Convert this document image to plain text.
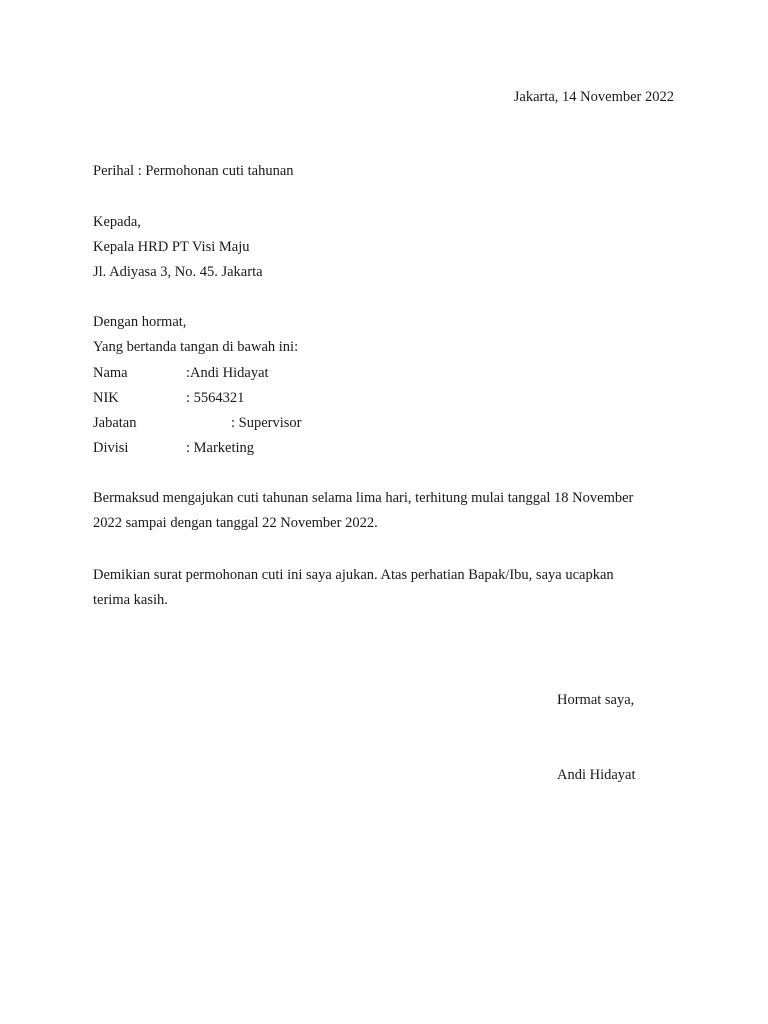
Jakarta, 14 November 2022
Perihal : Permohonan cuti tahunan
Kepada,
Kepala HRD PT Visi Maju
Jl. Adiyasa 3, No. 45. Jakarta
Dengan hormat,
Yang bertanda tangan di bawah ini:
Nama	:Andi Hidayat
NIK	: 5564321
Jabatan	: Supervisor
Divisi	: Marketing
Bermaksud mengajukan cuti tahunan selama lima hari, terhitung mulai tanggal 18 November
2022 sampai dengan tanggal 22 November 2022.
Demikian surat permohonan cuti ini saya ajukan. Atas perhatian Bapak/Ibu, saya ucapkan
terima kasih.
Hormat saya,
Andi Hidayat
